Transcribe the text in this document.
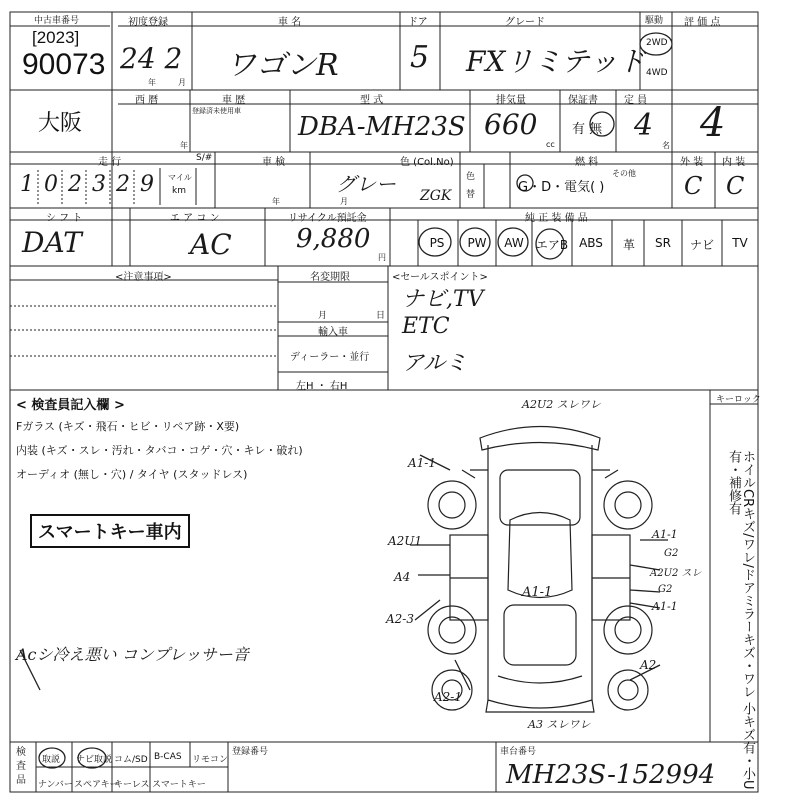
中古車番号
[2023]
90073
初度登録
24 2
年	月
車 名
ワゴンR
ドア
5
グレード
FXリミテッド
駆動
2WD
4WD
評 価 点
4
大阪
西 暦	車 歴
登録済未使用車
年
型 式
DBA-MH23S
排気量
660
cc
保証書
有 無
定 員
4
名
走 行
1 0 2 3 2 9 マイル
km
S/#	車 検
年	月
色 (Col.No)
グレー ZGK
色替
燃 料
G・D・電気( )
その他
外 装
C
内 装
C
シ フ ト
DAT
エ ア コ ン
AC
リサイクル預託金
9,880
円
純 正 装 備 品
PS	PW	AW	エアB ABS	革	SR	ナビ	TV
<注意事項>	名変期限
月	日
輸入車
ディーラー・並行
左H ・ 右H
<セールスポイント>
ナビ,TV
ETC
アルミ
< 検査員記入欄 >
Fガラス (キズ・飛石・ヒビ・リペア跡・X要)
内装 (キズ・スレ・汚れ・タバコ・コゲ・穴・キレ・破れ)
オーディオ (無し・穴) / タイヤ (スタッドレス)
スマートキー車内
Acシ冷え悪い コンプレッサー音
キーロック
ホイルCRキズ/ワレ/ドアミラーキズ・ワレ 小キズ有・小U有・補修有
A2U2 スレワレ
A1-1
A2U1
A4
A2-3
A1-1
A1-1
G2
A2U2 スレ
G2
A1-1
A2
A2-1
A3 スレワレ
検査品
取説 ナビ取説 コム/SD B-CAS リモコン
ナンバー スペアキー
キーレス スマートキー
登録番号	車台番号
MH23S-152994
